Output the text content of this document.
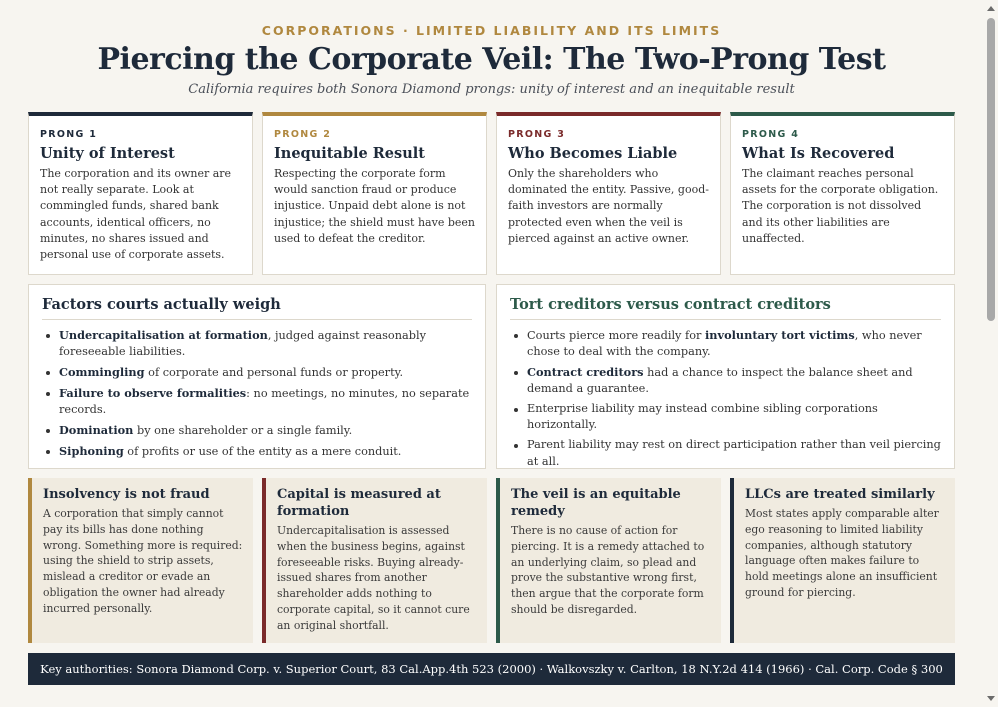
CORPORATIONS · LIMITED LIABILITY AND ITS LIMITS
Piercing the Corporate Veil: The Two-Prong Test
California requires both Sonora Diamond prongs: unity of interest and an inequitable result
PRONG 1
Unity of Interest
The corporation and its owner are not really separate. Look at commingled funds, shared bank accounts, identical officers, no minutes, no shares issued and personal use of corporate assets.
PRONG 2
Inequitable Result
Respecting the corporate form would sanction fraud or produce injustice. Unpaid debt alone is not injustice; the shield must have been used to defeat the creditor.
PRONG 3
Who Becomes Liable
Only the shareholders who dominated the entity. Passive, good-faith investors are normally protected even when the veil is pierced against an active owner.
PRONG 4
What Is Recovered
The claimant reaches personal assets for the corporate obligation. The corporation is not dissolved and its other liabilities are unaffected.
Factors courts actually weigh
Undercapitalisation at formation, judged against reasonably foreseeable liabilities.
Commingling of corporate and personal funds or property.
Failure to observe formalities: no meetings, no minutes, no separate records.
Domination by one shareholder or a single family.
Siphoning of profits or use of the entity as a mere conduit.
Tort creditors versus contract creditors
Courts pierce more readily for involuntary tort victims, who never chose to deal with the company.
Contract creditors had a chance to inspect the balance sheet and demand a guarantee.
Enterprise liability may instead combine sibling corporations horizontally.
Parent liability may rest on direct participation rather than veil piercing at all.
Insolvency is not fraud
A corporation that simply cannot pay its bills has done nothing wrong. Something more is required: using the shield to strip assets, mislead a creditor or evade an obligation the owner had already incurred personally.
Capital is measured at formation
Undercapitalisation is assessed when the business begins, against foreseeable risks. Buying already-issued shares from another shareholder adds nothing to corporate capital, so it cannot cure an original shortfall.
The veil is an equitable remedy
There is no cause of action for piercing. It is a remedy attached to an underlying claim, so plead and prove the substantive wrong first, then argue that the corporate form should be disregarded.
LLCs are treated similarly
Most states apply comparable alter ego reasoning to limited liability companies, although statutory language often makes failure to hold meetings alone an insufficient ground for piercing.
Key authorities: Sonora Diamond Corp. v. Superior Court, 83 Cal.App.4th 523 (2000) · Walkovszky v. Carlton, 18 N.Y.2d 414 (1966) · Cal. Corp. Code § 300
